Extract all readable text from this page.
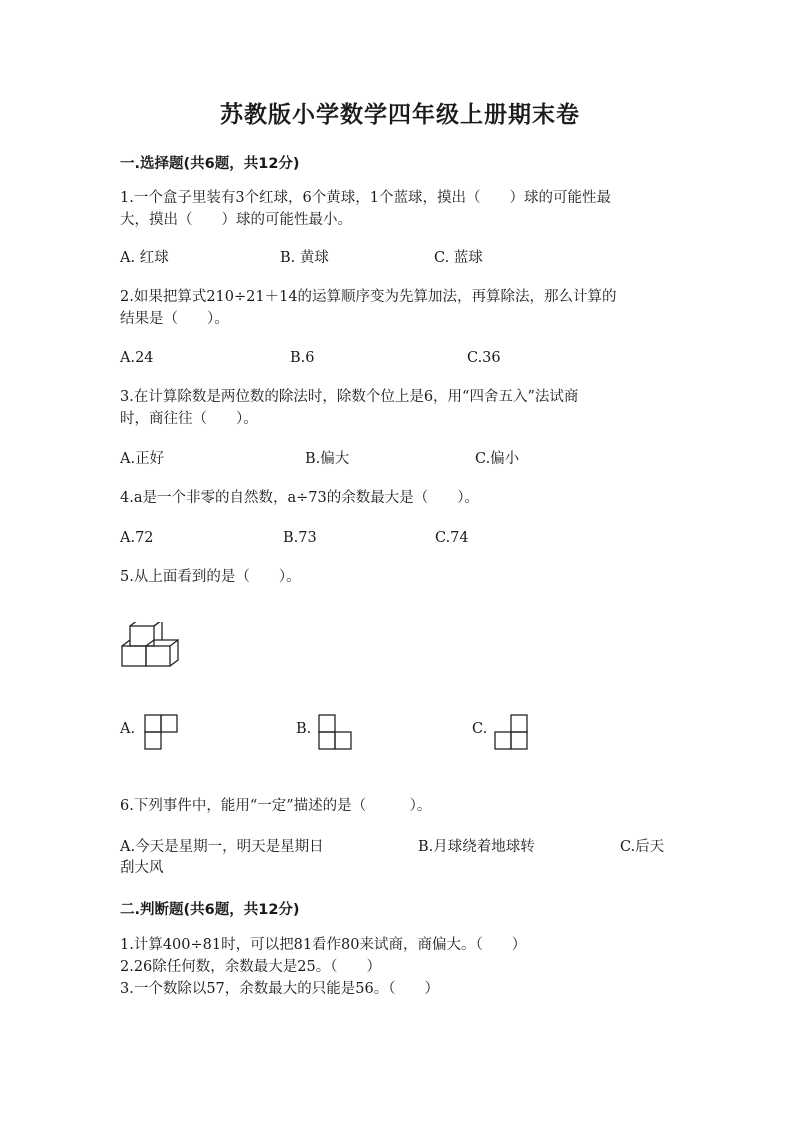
苏教版小学数学四年级上册期末卷
一.选择题(共6题，共12分)
1.一个盒子里装有3个红球，6个黄球，1个蓝球，摸出（　　）球的可能性最
大，摸出（　　）球的可能性最小。
A. 红球	B. 黄球	C. 蓝球
2.如果把算式210÷21＋14的运算顺序变为先算加法，再算除法，那么计算的
结果是（　　）。
A.24	B.6	C.36
3.在计算除数是两位数的除法时，除数个位上是6，用“四舍五入”法试商
时，商往往（　　）。
A.正好	B.偏大	C.偏小
4.a是一个非零的自然数，a÷73的余数最大是（　　）。
A.72	B.73	C.74
5.从上面看到的是（　　）。
A.	B.	C.
6.下列事件中，能用“一定”描述的是（　　　）。
A.今天是星期一，明天是星期日	B.月球绕着地球转	C.后天
刮大风
二.判断题(共6题，共12分)
1.计算400÷81时，可以把81看作80来试商，商偏大。（　　）
2.26除任何数，余数最大是25。（　　）
3.一个数除以57，余数最大的只能是56。（　　）
